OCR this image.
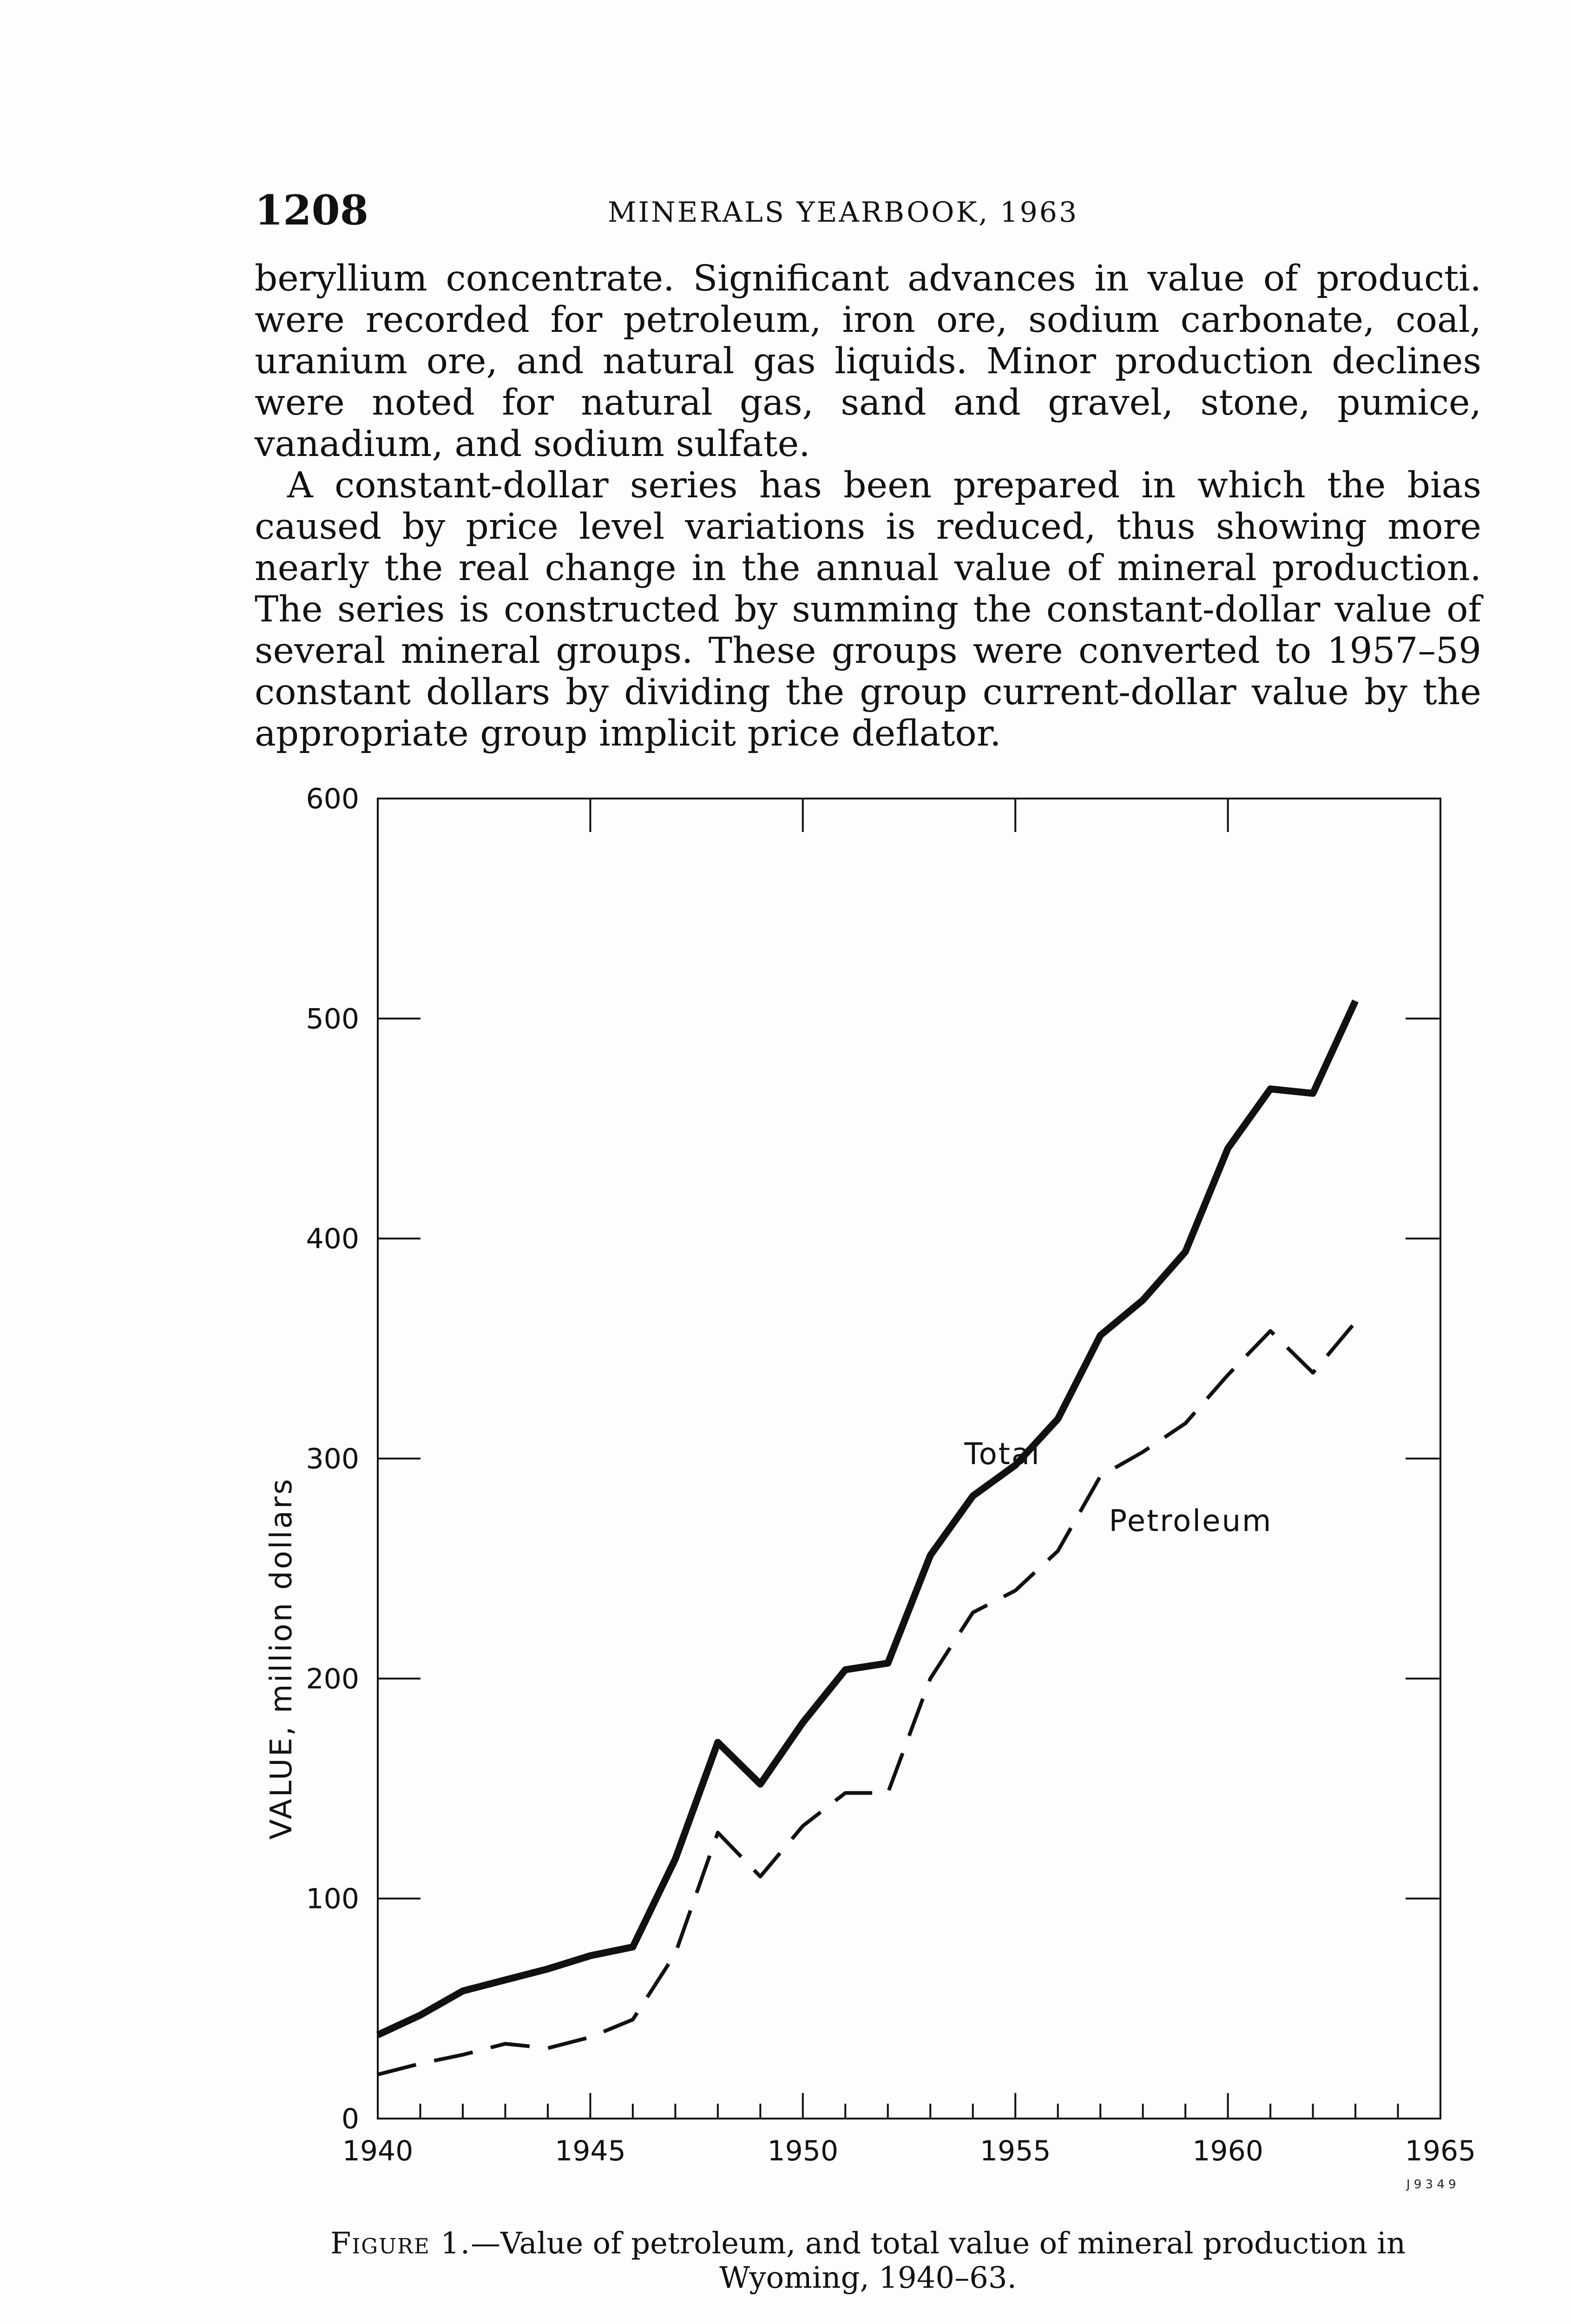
1208	MINERALS YEARBOOK, 1963

beryllium concentrate. Significant advances in value of producti. were recorded for petroleum, iron ore, sodium carbonate, coal, uranium ore, and natural gas liquids. Minor production declines were noted for natural gas, sand and gravel, stone, pumice, vanadium, and sodium sulfate.

A constant-dollar series has been prepared in which the bias caused by price level variations is reduced, thus showing more nearly the real change in the annual value of mineral production. The series is constructed by summing the constant-dollar value of several mineral groups. These groups were converted to 1957–59 constant dollars by dividing the group current-dollar value by the appropriate group implicit price deflator.

0
100
200
300
400
500
600
1940	1945	1950	1955	1960	1965
Total
Petroleum
VALUE, million dollars
J 9 3 4 9
Figure 1.—Value of petroleum, and total value of mineral production in Wyoming, 1940–63.
